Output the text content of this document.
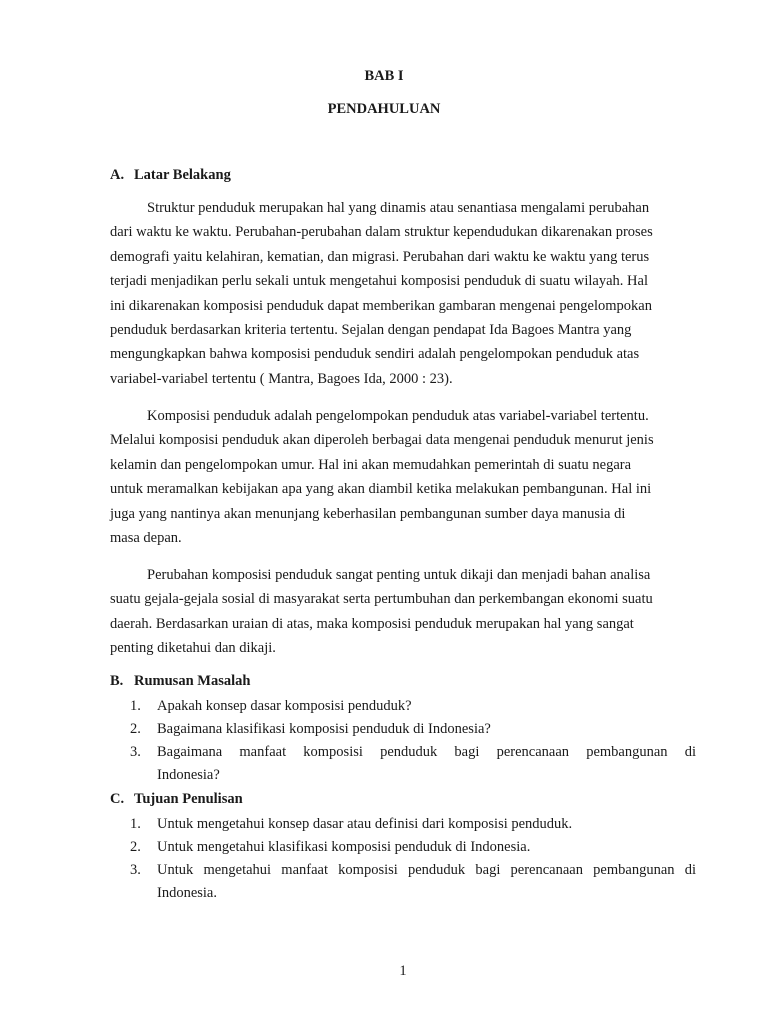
BAB I
PENDAHULUAN
A. Latar Belakang
Struktur penduduk merupakan hal yang dinamis atau senantiasa mengalami perubahan
dari waktu ke waktu. Perubahan-perubahan dalam struktur kependudukan dikarenakan proses
demografi yaitu kelahiran, kematian, dan migrasi. Perubahan dari waktu ke waktu yang terus
terjadi menjadikan perlu sekali untuk mengetahui komposisi penduduk di suatu wilayah. Hal
ini dikarenakan komposisi penduduk dapat memberikan gambaran mengenai pengelompokan
penduduk berdasarkan kriteria tertentu. Sejalan dengan pendapat Ida Bagoes Mantra yang
mengungkapkan bahwa komposisi penduduk sendiri adalah pengelompokan penduduk atas
variabel-variabel tertentu ( Mantra, Bagoes Ida, 2000 : 23).
Komposisi penduduk adalah pengelompokan penduduk atas variabel-variabel tertentu.
Melalui komposisi penduduk akan diperoleh berbagai data mengenai penduduk menurut jenis
kelamin dan pengelompokan umur. Hal ini akan memudahkan pemerintah di suatu negara
untuk meramalkan kebijakan apa yang akan diambil ketika melakukan pembangunan. Hal ini
juga yang nantinya akan menunjang keberhasilan pembangunan sumber daya manusia di
masa depan.
Perubahan komposisi penduduk sangat penting untuk dikaji dan menjadi bahan analisa
suatu gejala-gejala sosial di masyarakat serta pertumbuhan dan perkembangan ekonomi suatu
daerah. Berdasarkan uraian di atas, maka komposisi penduduk merupakan hal yang sangat
penting diketahui dan dikaji.
B. Rumusan Masalah
1. Apakah konsep dasar komposisi penduduk?
2. Bagaimana klasifikasi komposisi penduduk di Indonesia?
3. Bagaimana manfaat komposisi penduduk bagi perencanaan pembangunan di
Indonesia?
C. Tujuan Penulisan
1. Untuk mengetahui konsep dasar atau definisi dari komposisi penduduk.
2. Untuk mengetahui klasifikasi komposisi penduduk di Indonesia.
3. Untuk mengetahui manfaat komposisi penduduk bagi perencanaan pembangunan di
Indonesia.
1
